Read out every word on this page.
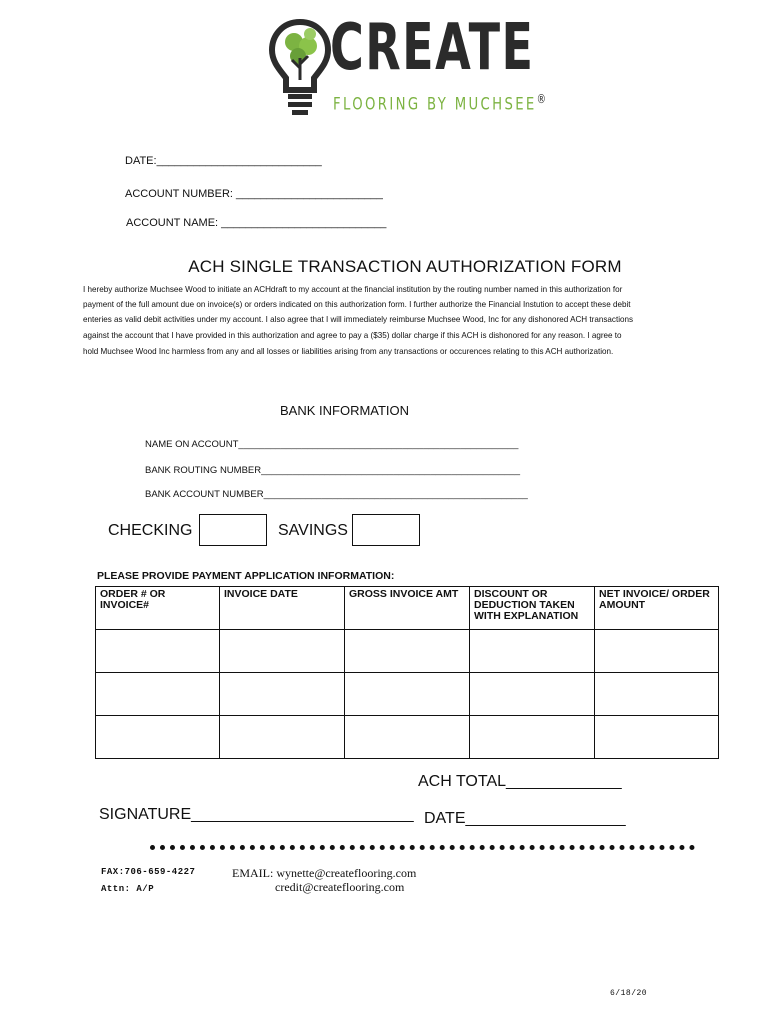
CREATE
FLOORING BY MUCHSEE®
DATE:___________________________
ACCOUNT NUMBER: ________________________
ACCOUNT NAME: ___________________________
ACH SINGLE TRANSACTION AUTHORIZATION FORM
I hereby authorize Muchsee Wood to initiate an ACHdraft to my account at the financial institution by the routing number named in this authorization for
payment of the full amount due on invoice(s) or orders indicated on this authorization form. I further authorize the Financial Instution to accept these debit
enteries as valid debit activities under my account. I also agree that I will immediately reimburse Muchsee Wood, Inc for any dishonored ACH transactions
against the account that I have provided in this authorization and agree to pay a ($35) dollar charge if this ACH is dishonored for any reason. I agree to
hold Muchsee Wood Inc harmless from any and all losses or liabilities arising from any transactions or occurences relating to this ACH authorization.
BANK INFORMATION
NAME ON ACCOUNT_____________________________________________________
BANK ROUTING NUMBER_________________________________________________
BANK ACCOUNT NUMBER__________________________________________________
CHECKING	SAVINGS
PLEASE PROVIDE PAYMENT APPLICATION INFORMATION:
ORDER # OR INVOICE#	INVOICE DATE	GROSS INVOICE AMT	DISCOUNT OR DEDUCTION TAKEN WITH EXPLANATION	NET INVOICE/ ORDER AMOUNT

ACH TOTAL_____________
SIGNATURE_________________________ DATE__________________
FAX:706-659-4227
Attn: A/P
EMAIL: wynette@createflooring.com
credit@createflooring.com
6/18/20
